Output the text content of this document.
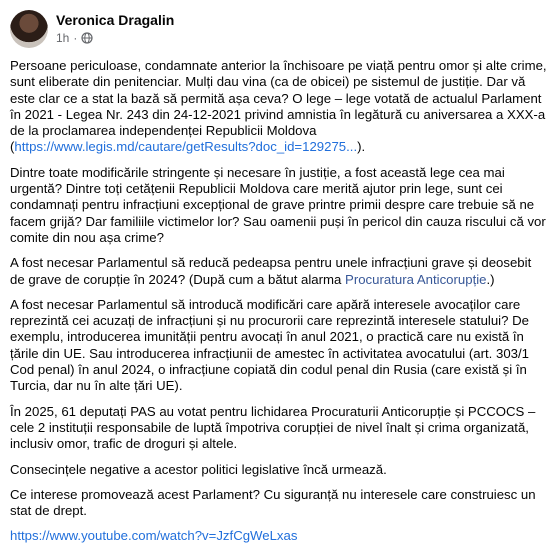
Veronica Dragalin
1h ·

Persoane periculoase, condamnate anterior la închisoare pe viață pentru omor și alte crime, sunt eliberate din penitenciar. Mulți dau vina (ca de obicei) pe sistemul de justiție. Dar vă este clar ce a stat la bază să permită așa ceva? O lege – lege votată de actualul Parlament în 2021 - Legea Nr. 243 din 24-12-2021 privind amnistia în legătură cu aniversarea a XXX-a de la proclamarea independenței Republicii Moldova (https://www.legis.md/cautare/getResults?doc_id=129275...).

Dintre toate modificările stringente și necesare în justiție, a fost această lege cea mai urgentă? Dintre toți cetățenii Republicii Moldova care merită ajutor prin lege, sunt cei condamnați pentru infracțiuni excepțional de grave printre primii despre care trebuie să ne facem grijă? Dar familiile victimelor lor? Sau oamenii puși în pericol din cauza riscului că vor comite din nou așa crime?

A fost necesar Parlamentul să reducă pedeapsa pentru unele infracțiuni grave și deosebit de grave de corupție în 2024? (După cum a bătut alarma Procuratura Anticorupție.)

A fost necesar Parlamentul să introducă modificări care apără interesele avocaților care reprezintă cei acuzați de infracțiuni și nu procurorii care reprezintă interesele statului? De exemplu, introducerea imunității pentru avocați în anul 2021, o practică care nu există în țările din UE. Sau introducerea infracțiunii de amestec în activitatea avocatului (art. 303/1 Cod penal) în anul 2024, o infracțiune copiată din codul penal din Rusia (care există și în Turcia, dar nu în alte țări UE).

În 2025, 61 deputați PAS au votat pentru lichidarea Procuraturii Anticorupție și PCCOCS – cele 2 instituții responsabile de luptă împotriva corupției de nivel înalt și crima organizată, inclusiv omor, trafic de droguri și altele.

Consecințele negative a acestor politici legislative încă urmează.

Ce interese promovează acest Parlament? Cu siguranță nu interesele care construiesc un stat de drept.

https://www.youtube.com/watch?v=JzfCgWeLxas
